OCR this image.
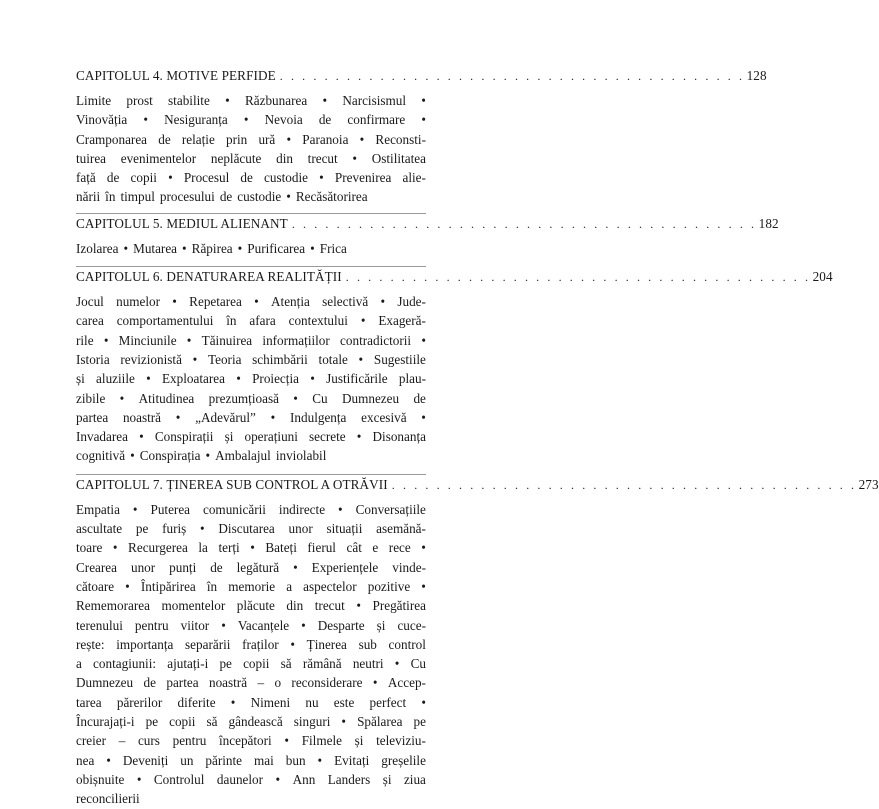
CAPITOLUL 4. MOTIVE PERFIDE . . . . . . . . . . . . . . . . . . . . . . . . . . . . . . . . . . . . . . . . . . 128
Limite prost stabilite • Răzbunarea • Narcisismul •
Vinovăția • Nesiguranța • Nevoia de confirmare •
Cramponarea de relație prin ură • Paranoia • Reconsti-
tuirea evenimentelor neplăcute din trecut • Ostilitatea
față de copii • Procesul de custodie • Prevenirea alie-
nării în timpul procesului de custodie • Recăsătorirea
CAPITOLUL 5. MEDIUL ALIENANT . . . . . . . . . . . . . . . . . . . . . . . . . . . . . . . . . . . . . . . . . . 182
Izolarea • Mutarea • Răpirea • Purificarea • Frica
CAPITOLUL 6. DENATURAREA REALITĂȚII . . . . . . . . . . . . . . . . . . . . . . . . . . . . . . . . . . . . . . . . . . 204
Jocul numelor • Repetarea • Atenția selectivă • Jude-
carea comportamentului în afara contextului • Exageră-
rile • Minciunile • Tăinuirea informațiilor contradictorii •
Istoria revizionistă • Teoria schimbării totale • Sugestiile
și aluziile • Exploatarea • Proiecția • Justificările plau-
zibile • Atitudinea prezumțioasă • Cu Dumnezeu de
partea noastră • „Adevărul” • Indulgența excesivă •
Invadarea • Conspirații și operațiuni secrete • Disonanța
cognitivă • Conspirația • Ambalajul inviolabil
CAPITOLUL 7. ȚINEREA SUB CONTROL A OTRĂVII . . . . . . . . . . . . . . . . . . . . . . . . . . . . . . . . . . . . . . . . . . 273
Empatia • Puterea comunicării indirecte • Conversațiile
ascultate pe furiș • Discutarea unor situații asemănă-
toare • Recurgerea la terți • Bateți fierul cât e rece •
Crearea unor punți de legătură • Experiențele vinde-
cătoare • Întipărirea în memorie a aspectelor pozitive •
Rememorarea momentelor plăcute din trecut • Pregătirea
terenului pentru viitor • Vacanțele • Desparte și cuce-
rește: importanța separării fraților • Ținerea sub control
a contagiunii: ajutați-i pe copii să rămână neutri • Cu
Dumnezeu de partea noastră – o reconsiderare • Accep-
tarea părerilor diferite • Nimeni nu este perfect •
Încurajați-i pe copii să gândească singuri • Spălarea pe
creier – curs pentru începători • Filmele și televiziu-
nea • Deveniți un părinte mai bun • Evitați greșelile
obișnuite • Controlul daunelor • Ann Landers și ziua
reconcilierii
